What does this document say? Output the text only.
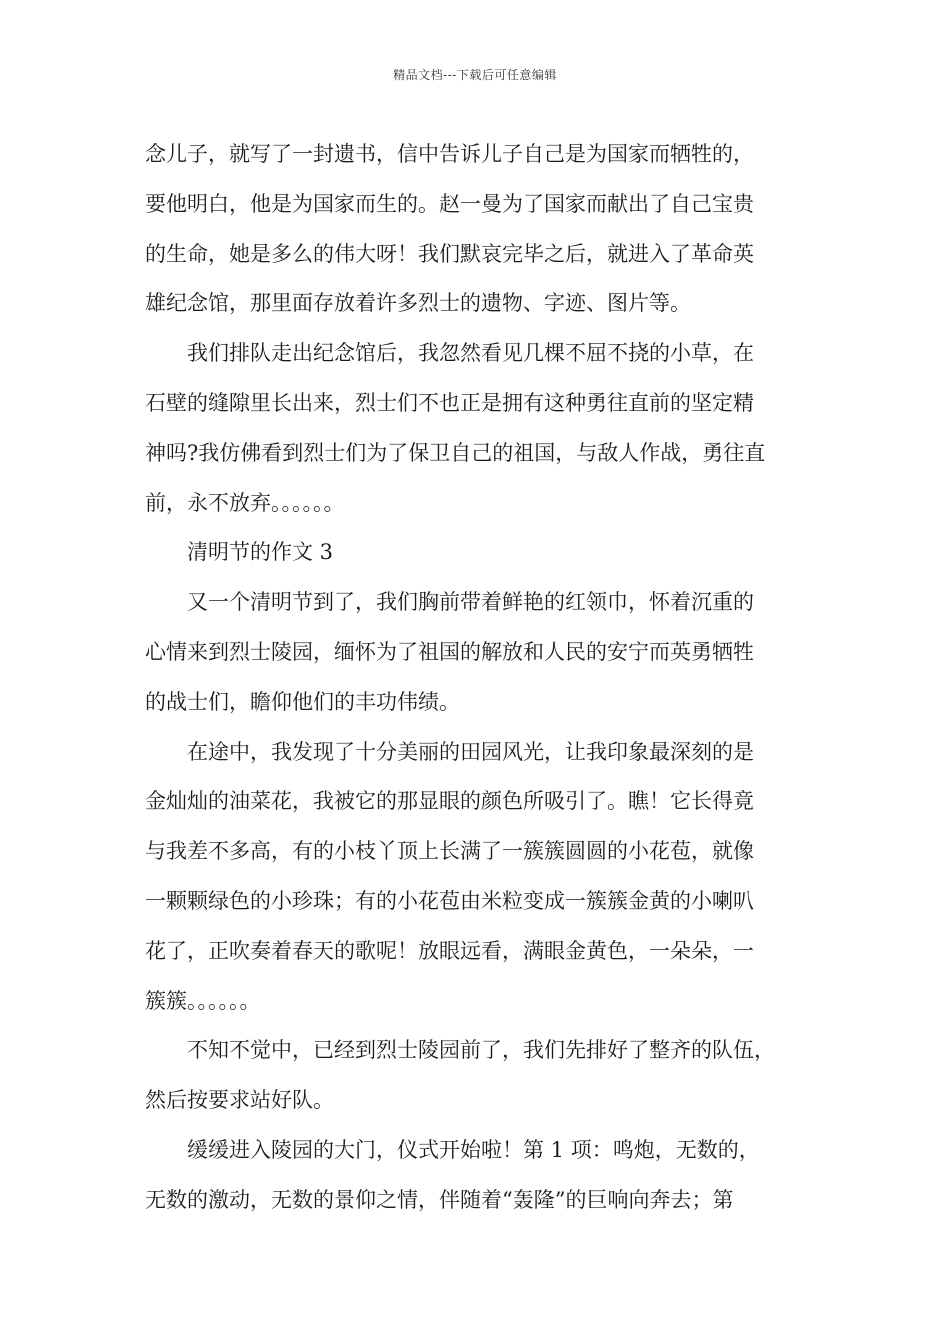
精品文档---下载后可任意编辑
念儿子，就写了一封遗书，信中告诉儿子自己是为国家而牺牲的，
要他明白，他是为国家而生的。赵一曼为了国家而献出了自己宝贵
的生命，她是多么的伟大呀！我们默哀完毕之后，就进入了革命英
雄纪念馆，那里面存放着许多烈士的遗物、字迹、图片等。
我们排队走出纪念馆后，我忽然看见几棵不屈不挠的小草，在
石壁的缝隙里长出来，烈士们不也正是拥有这种勇往直前的坚定精
神吗?我仿佛看到烈士们为了保卫自己的祖国，与敌人作战，勇往直
前，永不放弃。。。。。。
清明节的作文 3
又一个清明节到了，我们胸前带着鲜艳的红领巾，怀着沉重的
心情来到烈士陵园，缅怀为了祖国的解放和人民的安宁而英勇牺牲
的战士们，瞻仰他们的丰功伟绩。
在途中，我发现了十分美丽的田园风光，让我印象最深刻的是
金灿灿的油菜花，我被它的那显眼的颜色所吸引了。瞧！它长得竟
与我差不多高，有的小枝丫顶上长满了一簇簇圆圆的小花苞，就像
一颗颗绿色的小珍珠；有的小花苞由米粒变成一簇簇金黄的小喇叭
花了，正吹奏着春天的歌呢！放眼远看，满眼金黄色，一朵朵，一
簇簇。。。。。。
不知不觉中，已经到烈士陵园前了，我们先排好了整齐的队伍，
然后按要求站好队。
缓缓进入陵园的大门，仪式开始啦！第 1 项：鸣炮，无数的，
无数的激动，无数的景仰之情，伴随着“轰隆”的巨响向奔去；第
